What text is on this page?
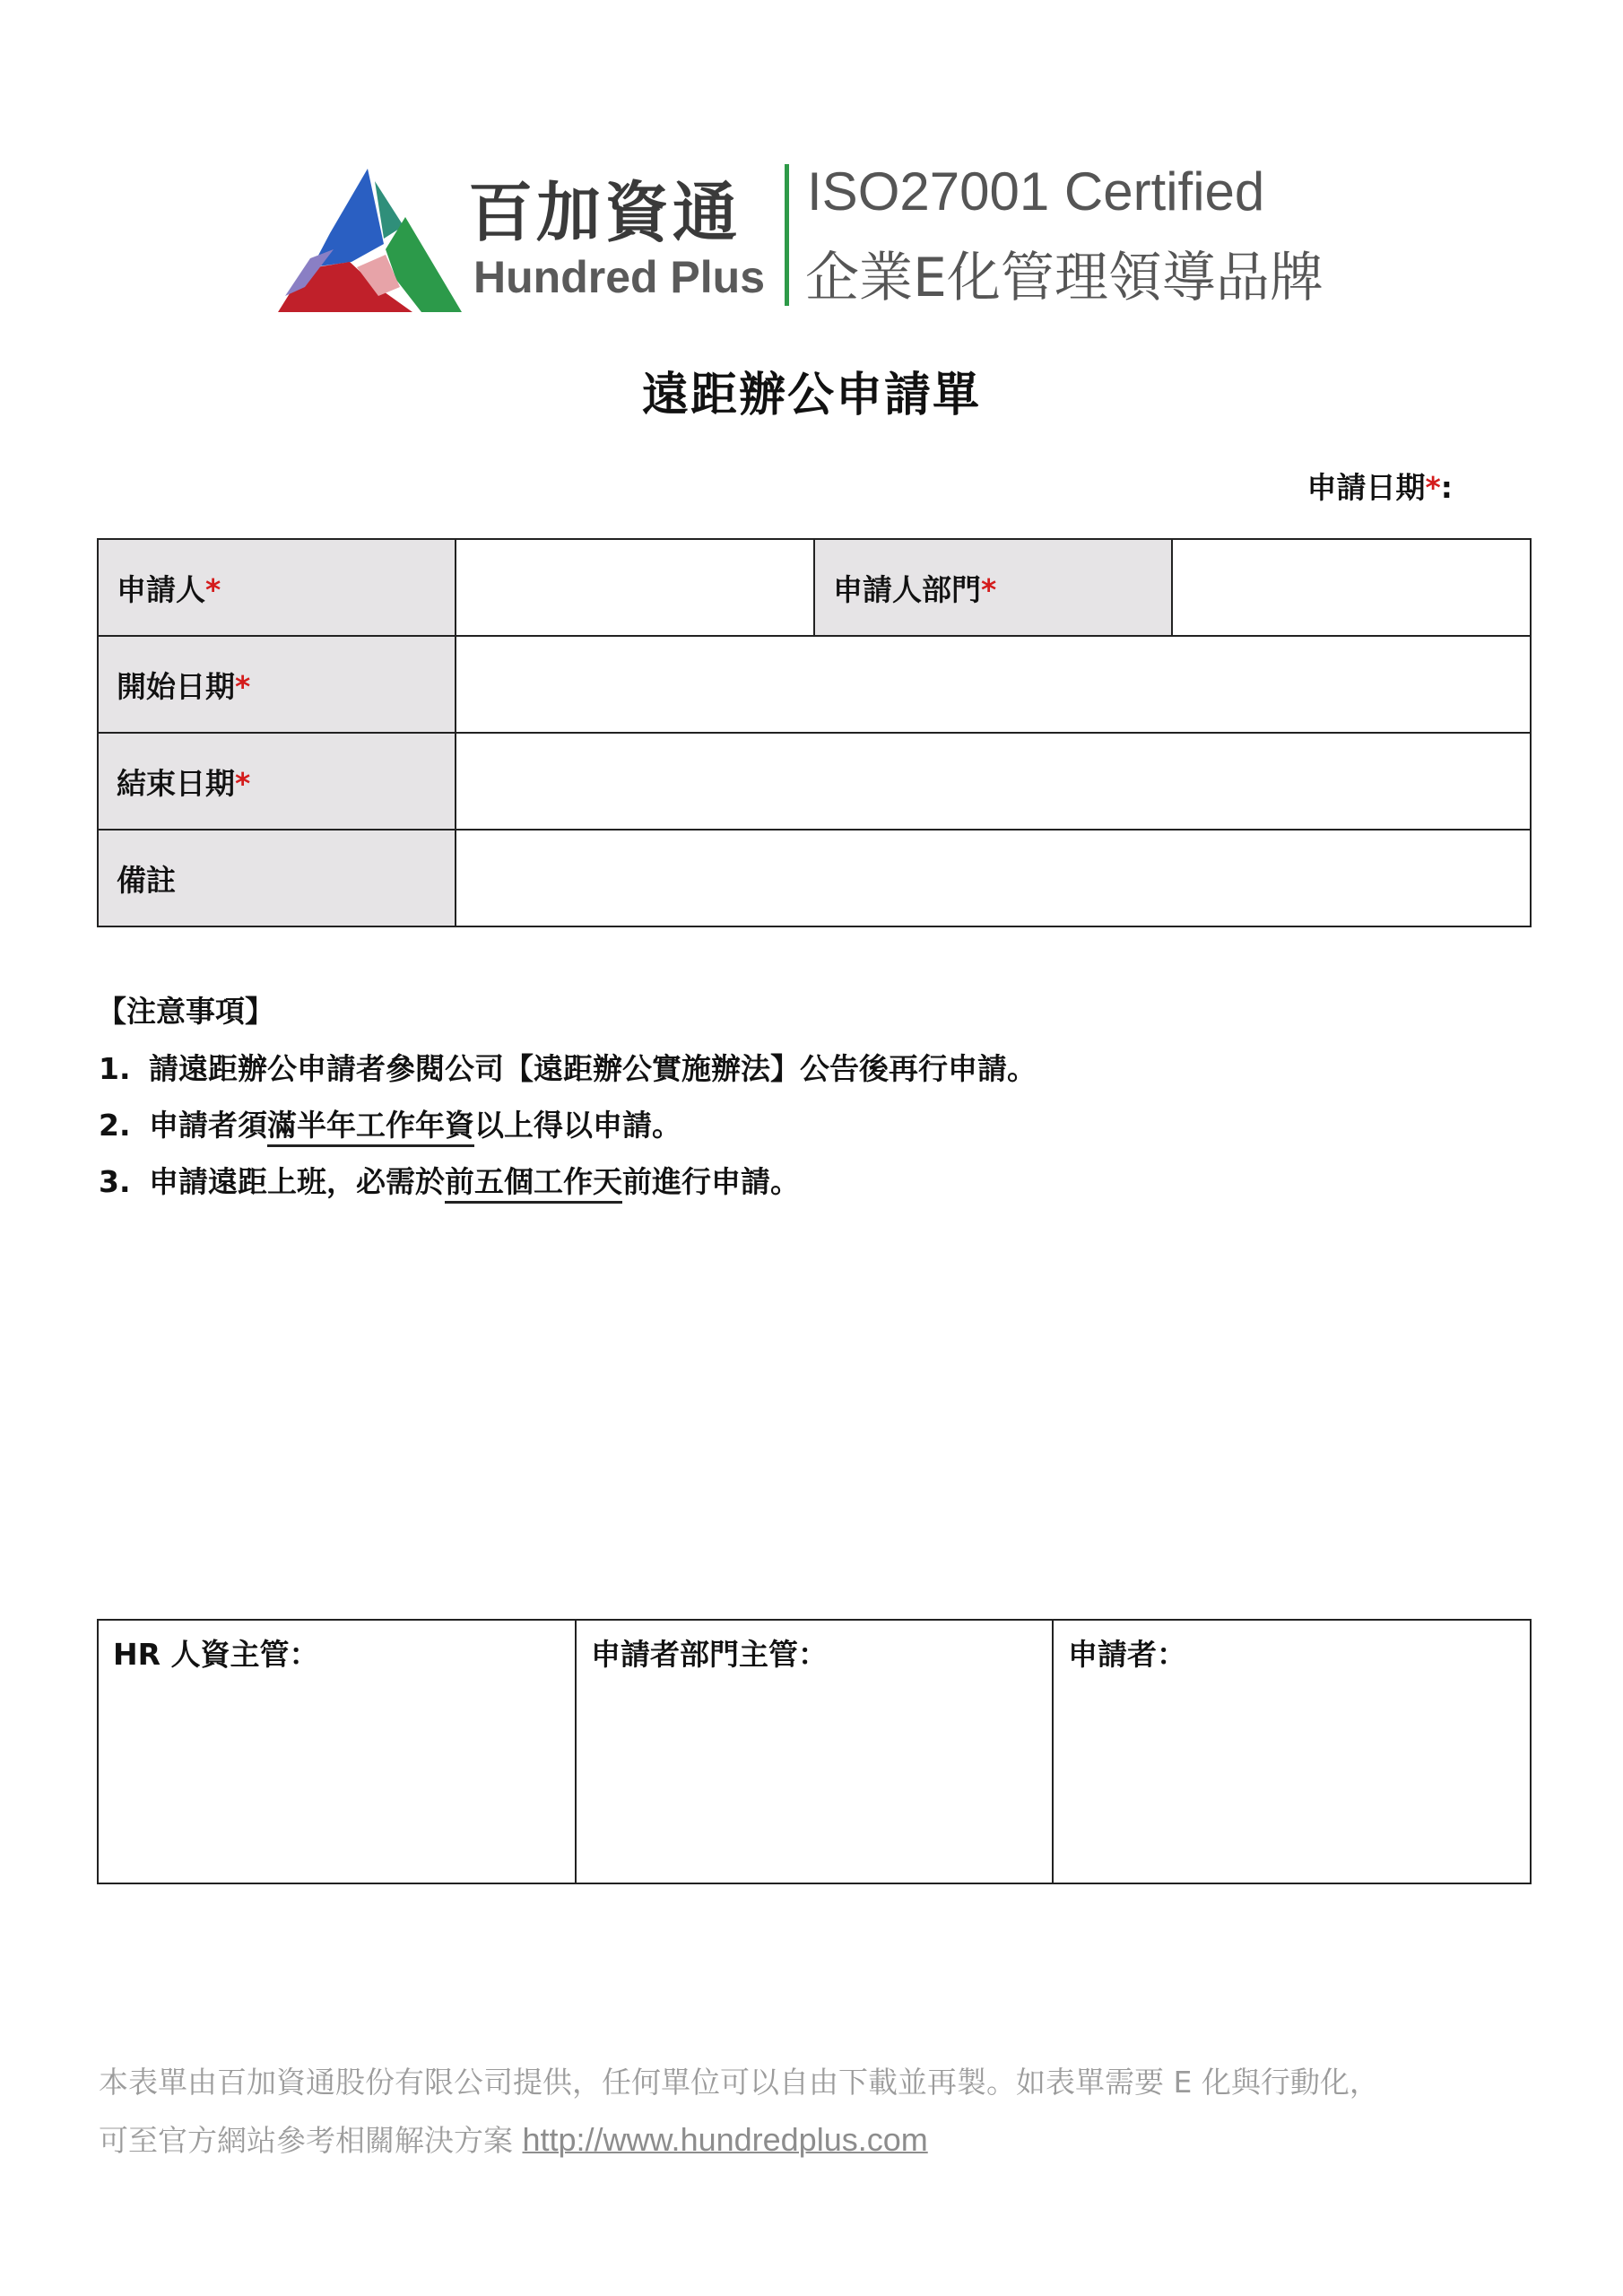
百加資通
Hundred Plus
ISO27001 Certified
企業E化管理領導品牌
遠距辦公申請單
申請日期*:
申請人*		申請人部門*	
開始日期*			
結束日期*			
備註			
【注意事項】
1. 請遠距辦公申請者參閱公司【遠距辦公實施辦法】公告後再行申請。
2. 申請者須滿半年工作年資以上得以申請。
3. 申請遠距上班，必需於前五個工作天前進行申請。
HR 人資主管：	申請者部門主管：	申請者：
本表單由百加資通股份有限公司提供，任何單位可以自由下載並再製。如表單需要 E 化與行動化，
可至官方網站參考相關解決方案 http://www.hundredplus.com
